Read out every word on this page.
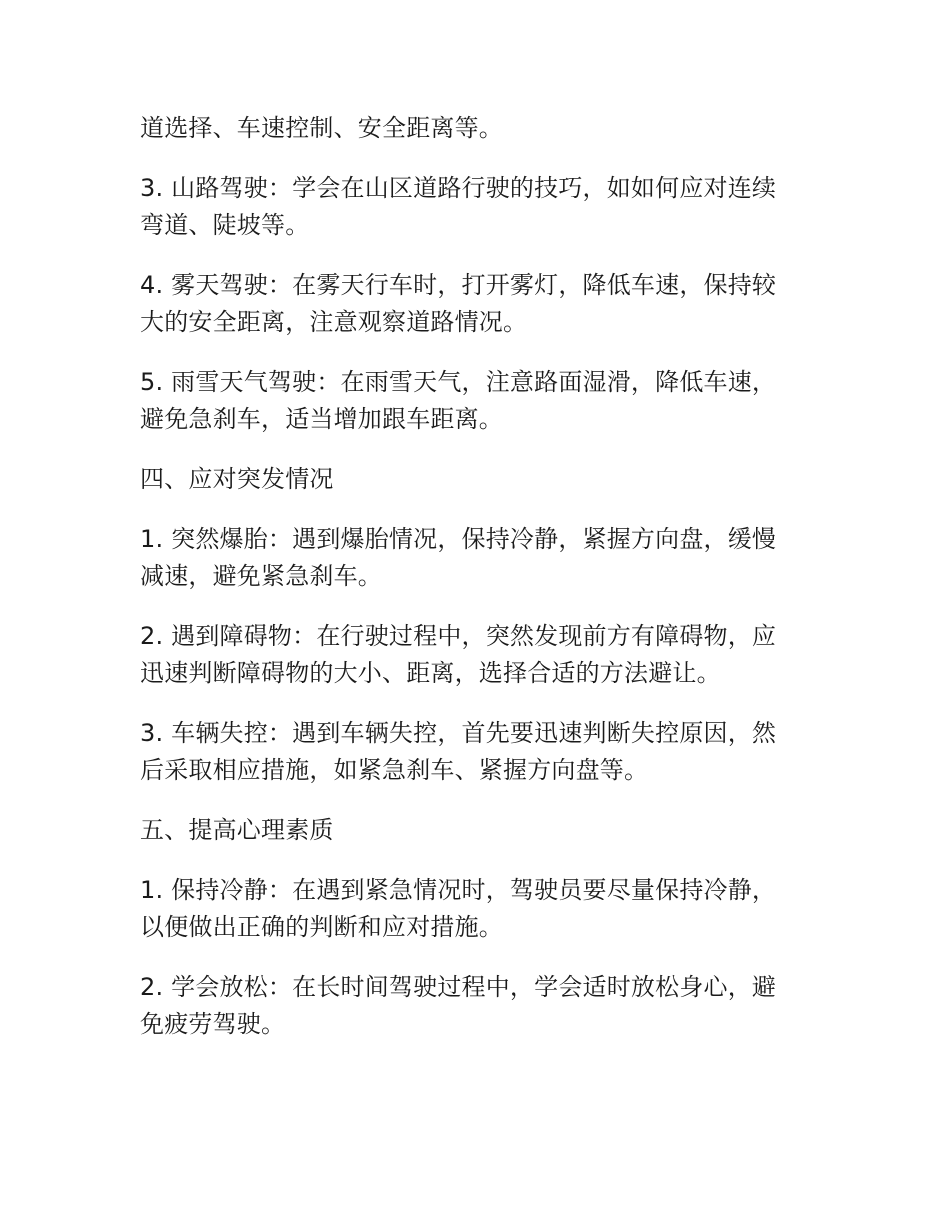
道选择、车速控制、安全距离等。

3. 山路驾驶：学会在山区道路行驶的技巧，如如何应对连续弯道、陡坡等。

4. 雾天驾驶：在雾天行车时，打开雾灯，降低车速，保持较大的安全距离，注意观察道路情况。

5. 雨雪天气驾驶：在雨雪天气，注意路面湿滑，降低车速，避免急刹车，适当增加跟车距离。

四、应对突发情况

1. 突然爆胎：遇到爆胎情况，保持冷静，紧握方向盘，缓慢减速，避免紧急刹车。

2. 遇到障碍物：在行驶过程中，突然发现前方有障碍物，应迅速判断障碍物的大小、距离，选择合适的方法避让。

3. 车辆失控：遇到车辆失控，首先要迅速判断失控原因，然后采取相应措施，如紧急刹车、紧握方向盘等。

五、提高心理素质

1. 保持冷静：在遇到紧急情况时，驾驶员要尽量保持冷静，以便做出正确的判断和应对措施。

2. 学会放松：在长时间驾驶过程中，学会适时放松身心，避免疲劳驾驶。
